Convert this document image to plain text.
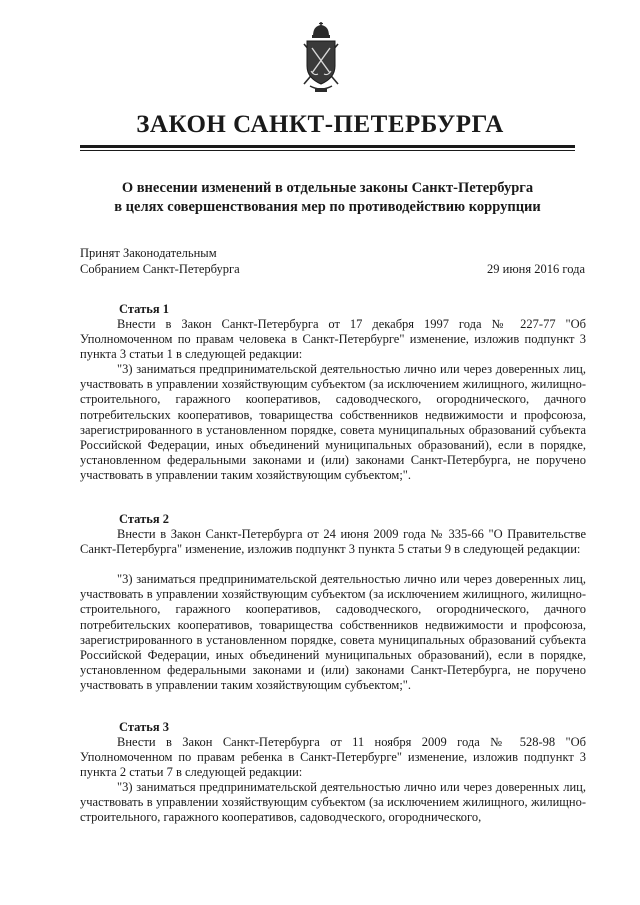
ЗАКОН САНКТ-ПЕТЕРБУРГА
О внесении изменений в отдельные законы Санкт-Петербурга
в целях совершенствования мер по противодействию коррупции
Принят Законодательным
Собранием Санкт-Петербурга	29 июня 2016 года
Статья 1

Внести в Закон Санкт-Петербурга от 17 декабря 1997 года № 227-77 "Об Уполномоченном по правам человека в Санкт-Петербурге" изменение, изложив подпункт 3 пункта 3 статьи 1 в следующей редакции:

"3) заниматься предпринимательской деятельностью лично или через доверенных лиц, участвовать в управлении хозяйствующим субъектом (за исключением жилищного, жилищно-строительного, гаражного кооперативов, садоводческого, огороднического, дачного потребительских кооперативов, товарищества собственников недвижимости и профсоюза, зарегистрированного в установленном порядке, совета муниципальных образований субъекта Российской Федерации, иных объединений муниципальных образований), если в порядке, установленном федеральными законами и (или) законами Санкт-Петербурга, не поручено участвовать в управлении таким хозяйствующим субъектом;".

Статья 2

Внести в Закон Санкт-Петербурга от 24 июня 2009 года № 335-66 "О Правительстве Санкт-Петербурга" изменение, изложив подпункт 3 пункта 5 статьи 9 в следующей редакции:

"3) заниматься предпринимательской деятельностью лично или через доверенных лиц, участвовать в управлении хозяйствующим субъектом (за исключением жилищного, жилищно-строительного, гаражного кооперативов, садоводческого, огороднического, дачного потребительских кооперативов, товарищества собственников недвижимости и профсоюза, зарегистрированного в установленном порядке, совета муниципальных образований субъекта Российской Федерации, иных объединений муниципальных образований), если в порядке, установленном федеральными законами и (или) законами Санкт-Петербурга, не поручено участвовать в управлении таким хозяйствующим субъектом;".

Статья 3

Внести в Закон Санкт-Петербурга от 11 ноября 2009 года № 528-98 "Об Уполномоченном по правам ребенка в Санкт-Петербурге" изменение, изложив подпункт 3 пункта 2 статьи 7 в следующей редакции:

"3) заниматься предпринимательской деятельностью лично или через доверенных лиц, участвовать в управлении хозяйствующим субъектом (за исключением жилищного, жилищно-строительного, гаражного кооперативов, садоводческого, огороднического,
